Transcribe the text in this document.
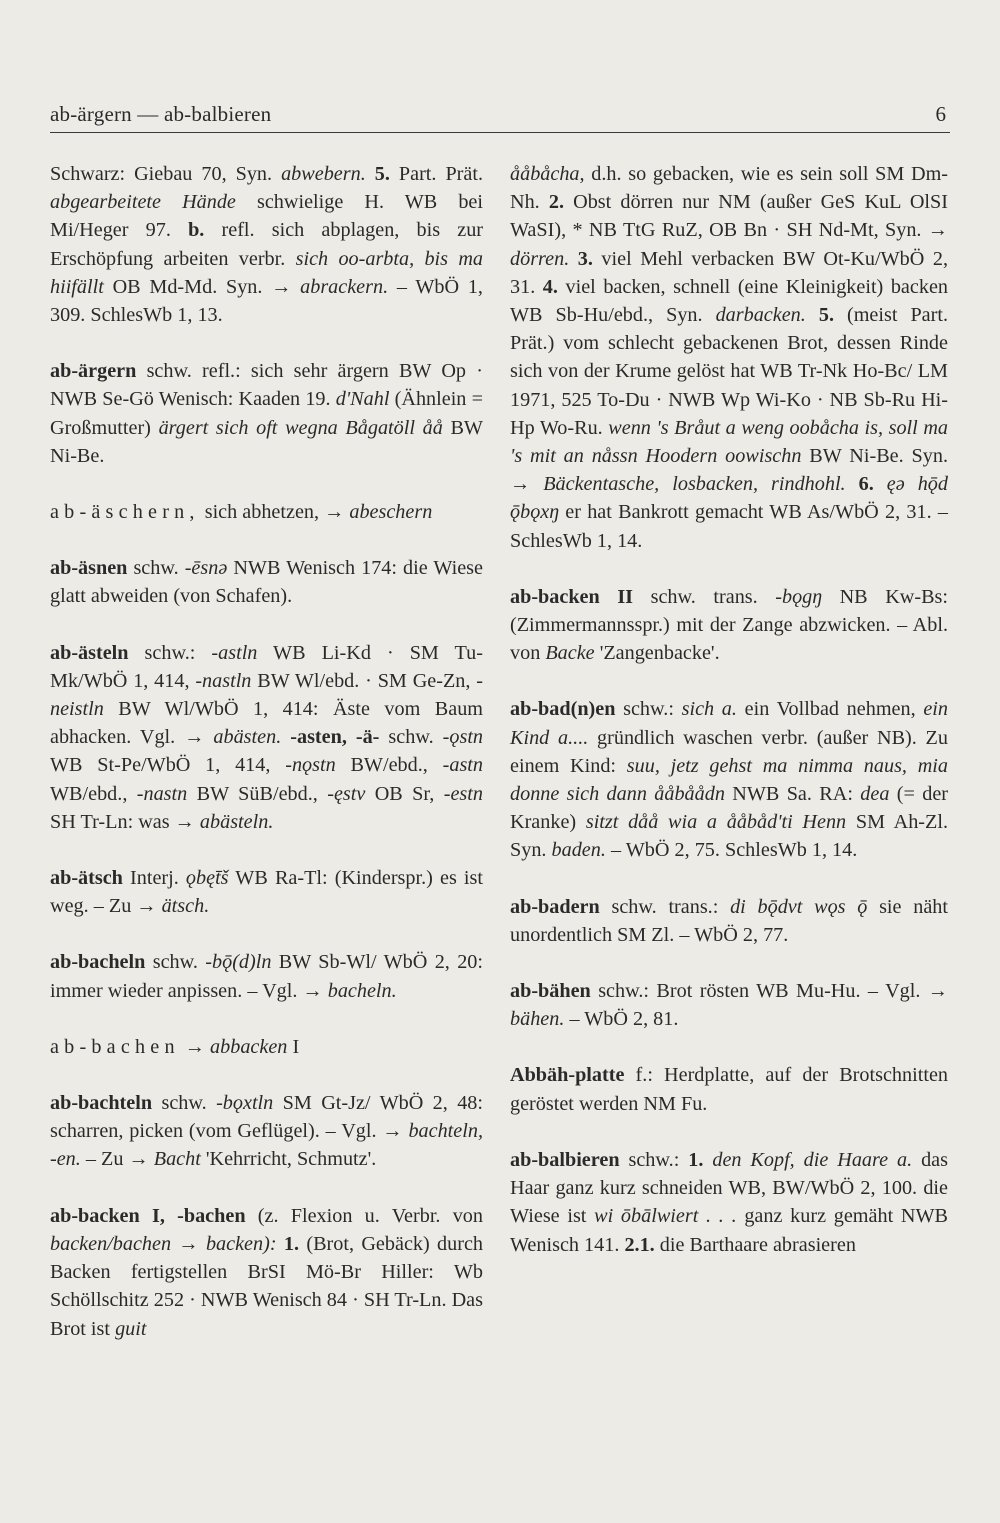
ab-ärgern — ab-balbieren	6

Schwarz: Giebau 70, Syn. abwebern. 5. Part. Prät. abgearbeitete Hände schwielige H. WB bei Mi/Heger 97. b. refl. sich abplagen, bis zur Erschöpfung arbeiten verbr. sich oo-arbta, bis ma hiifällt OB Md-Md. Syn. → abrackern. – WbÖ 1, 309. SchlesWb 1, 13.

ab-ärgern schw. refl.: sich sehr ärgern BW Op · NWB Se-Gö Wenisch: Kaaden 19. d'Nahl (Ähnlein = Großmutter) ärgert sich oft wegna Bågatöll åå BW Ni-Be.

ab-äschern, sich abhetzen, → abeschern

ab-äsnen schw. -ēsnə NWB Wenisch 174: die Wiese glatt abweiden (von Schafen).

ab-ästeln schw.: -astln WB Li-Kd · SM Tu-Mk/WbÖ 1, 414, -nastln BW Wl/ebd. · SM Ge-Zn, -neistln BW Wl/WbÖ 1, 414: Äste vom Baum abhacken. Vgl. → abästen. -asten, -ä- schw. -ǫstn WB St-Pe/WbÖ 1, 414, -nǫstn BW/ebd., -astn WB/ebd., -nastn BW SüB/ebd., -ęstv OB Sr, -estn SH Tr-Ln: was → abästeln.

ab-ätsch Interj. ǫbęt̄š WB Ra-Tl: (Kinderspr.) es ist weg. – Zu → ätsch.

ab-bacheln schw. -bǭ(d)ln BW Sb-Wl/ WbÖ 2, 20: immer wieder anpissen. – Vgl. → bacheln.

ab-bachen → abbacken I

ab-bachteln schw. -bǫxtln SM Gt-Jz/ WbÖ 2, 48: scharren, picken (vom Geflügel). – Vgl. → bachteln, -en. – Zu → Bacht 'Kehrricht, Schmutz'.

ab-backen I, -bachen (z. Flexion u. Verbr. von backen/bachen → backen): 1. (Brot, Gebäck) durch Backen fertigstellen BrSI Mö-Br Hiller: Wb Schöllschitz 252 · NWB Wenisch 84 · SH Tr-Ln. Das Brot ist guit

ååbåcha, d.h. so gebacken, wie es sein soll SM Dm-Nh. 2. Obst dörren nur NM (außer GeS KuL OlSI WaSI), * NB TtG RuZ, OB Bn · SH Nd-Mt, Syn. → dörren. 3. viel Mehl verbacken BW Ot-Ku/WbÖ 2, 31. 4. viel backen, schnell (eine Kleinigkeit) backen WB Sb-Hu/ebd., Syn. darbacken. 5. (meist Part. Prät.) vom schlecht gebackenen Brot, dessen Rinde sich von der Krume gelöst hat WB Tr-Nk Ho-Bc/ LM 1971, 525 To-Du · NWB Wp Wi-Ko · NB Sb-Ru Hi-Hp Wo-Ru. wenn 's Bråut a weng oobåcha is, soll ma 's mit an nåssn Hoodern oowischn BW Ni-Be. Syn. → Bäckentasche, losbacken, rindhohl. 6. ęə hǭd ǭbǫxŋ er hat Bankrott gemacht WB As/WbÖ 2, 31. – SchlesWb 1, 14.

ab-backen II schw. trans. -bǫgŋ NB Kw-Bs: (Zimmermannsspr.) mit der Zange abzwicken. – Abl. von Backe 'Zangenbacke'.

ab-bad(n)en schw.: sich a. ein Vollbad nehmen, ein Kind a.... gründlich waschen verbr. (außer NB). Zu einem Kind: suu, jetz gehst ma nimma naus, mia donne sich dann ååbåådn NWB Sa. RA: dea (= der Kranke) sitzt dåå wia a ååbåd'ti Henn SM Ah-Zl. Syn. baden. – WbÖ 2, 75. SchlesWb 1, 14.

ab-badern schw. trans.: di bǭdvt wǫs ǭ sie näht unordentlich SM Zl. – WbÖ 2, 77.

ab-bähen schw.: Brot rösten WB Mu-Hu. – Vgl. → bähen. – WbÖ 2, 81.

Abbäh-platte f.: Herdplatte, auf der Brotschnitten geröstet werden NM Fu.

ab-balbieren schw.: 1. den Kopf, die Haare a. das Haar ganz kurz schneiden WB, BW/WbÖ 2, 100. die Wiese ist wi ōbālwiert . . . ganz kurz gemäht NWB Wenisch 141. 2.1. die Barthaare abrasieren
